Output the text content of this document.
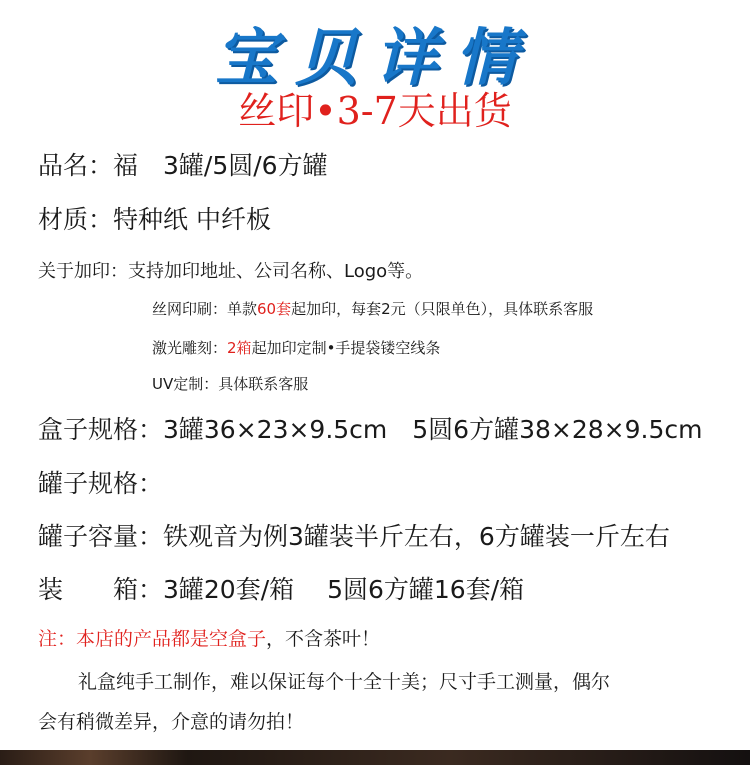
宝贝详情
丝印•3-7天出货
品名：福　3罐/5圆/6方罐
材质：特种纸 中纤板
关于加印：支持加印地址、公司名称、Logo等。
丝网印刷：单款60套起加印，每套2元（只限单色），具体联系客服
激光雕刻：2箱起加印定制•手提袋镂空线条
UV定制：具体联系客服
盒子规格：3罐36×23×9.5cm　5圆6方罐38×28×9.5cm
罐子规格：
罐子容量：铁观音为例3罐装半斤左右，6方罐装一斤左右
装　　箱：3罐20套/箱　 5圆6方罐16套/箱
注：本店的产品都是空盒子，不含茶叶！
礼盒纯手工制作，难以保证每个十全十美；尺寸手工测量，偶尔
会有稍微差异，介意的请勿拍！
